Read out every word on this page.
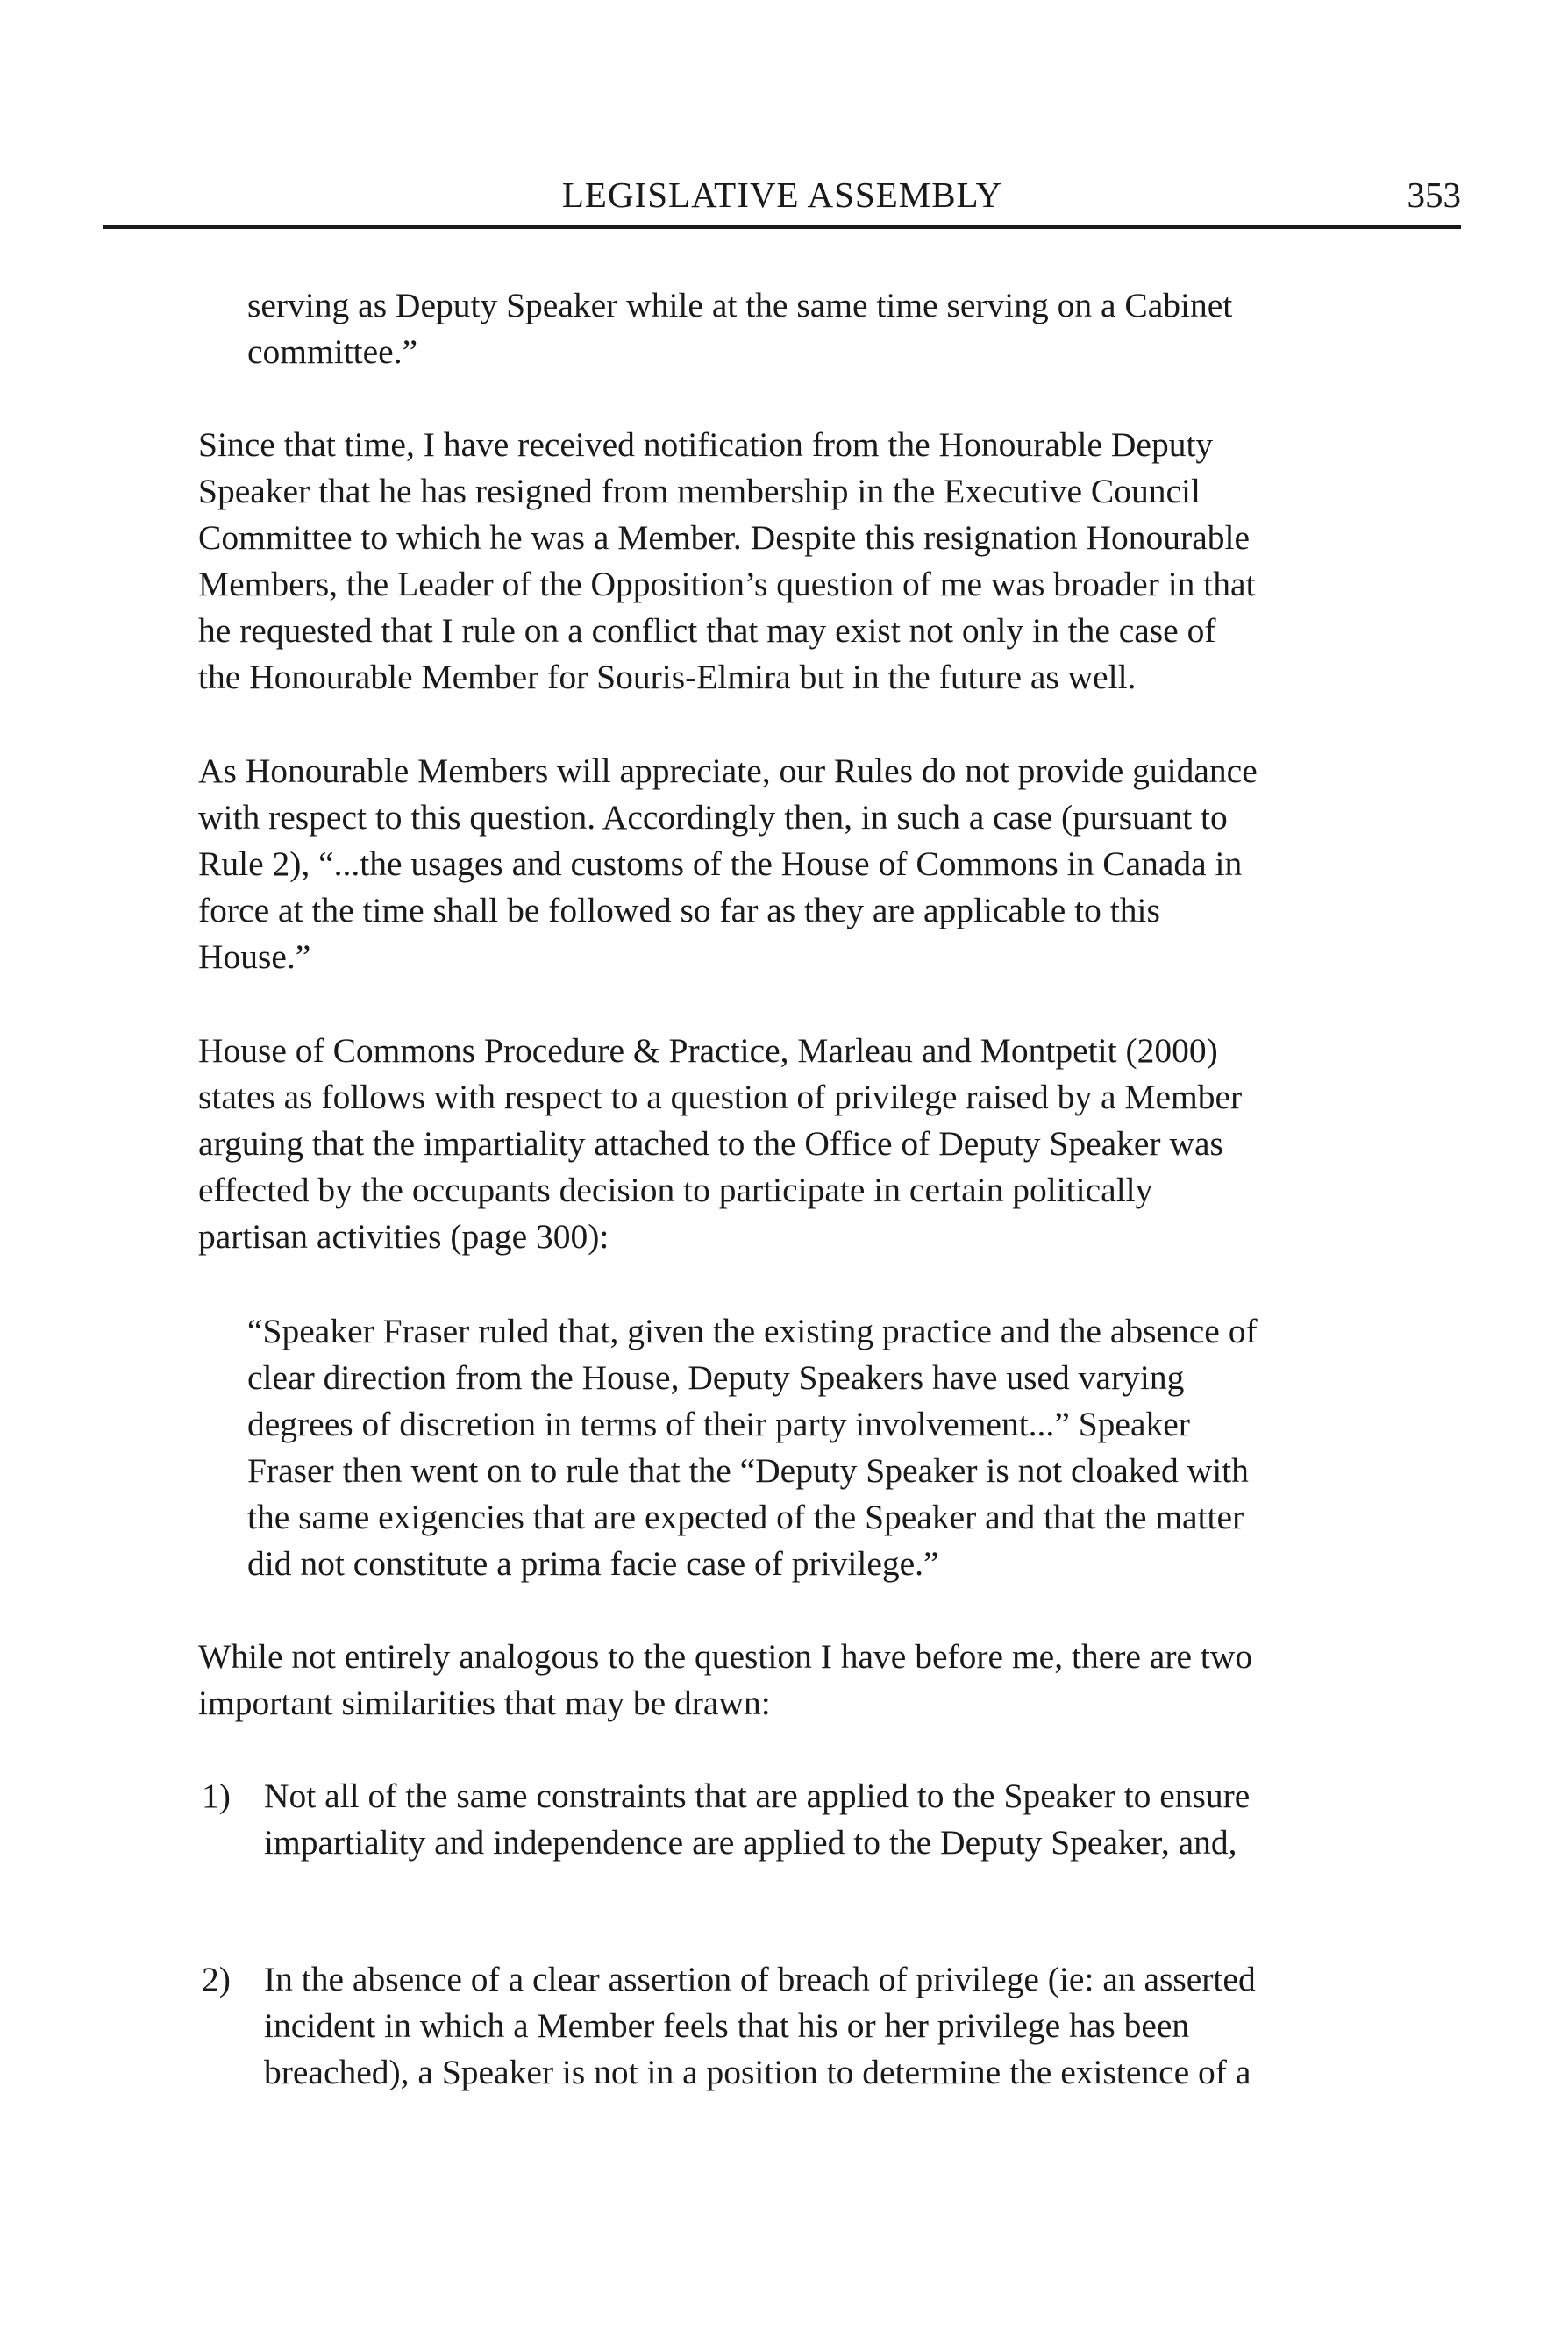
LEGISLATIVE ASSEMBLY	353
serving as Deputy Speaker while at the same time serving on a Cabinet
committee.”
Since that time, I have received notification from the Honourable Deputy
Speaker that he has resigned from membership in the Executive Council
Committee to which he was a Member. Despite this resignation Honourable
Members, the Leader of the Opposition’s question of me was broader in that
he requested that I rule on a conflict that may exist not only in the case of
the Honourable Member for Souris-Elmira but in the future as well.
As Honourable Members will appreciate, our Rules do not provide guidance
with respect to this question. Accordingly then, in such a case (pursuant to
Rule 2), “...the usages and customs of the House of Commons in Canada in
force at the time shall be followed so far as they are applicable to this
House.”
House of Commons Procedure & Practice, Marleau and Montpetit (2000)
states as follows with respect to a question of privilege raised by a Member
arguing that the impartiality attached to the Office of Deputy Speaker was
effected by the occupants decision to participate in certain politically
partisan activities (page 300):
“Speaker Fraser ruled that, given the existing practice and the absence of
clear direction from the House, Deputy Speakers have used varying
degrees of discretion in terms of their party involvement...” Speaker
Fraser then went on to rule that the “Deputy Speaker is not cloaked with
the same exigencies that are expected of the Speaker and that the matter
did not constitute a prima facie case of privilege.”
While not entirely analogous to the question I have before me, there are two
important similarities that may be drawn:
1) Not all of the same constraints that are applied to the Speaker to ensure
impartiality and independence are applied to the Deputy Speaker, and,
2) In the absence of a clear assertion of breach of privilege (ie: an asserted
incident in which a Member feels that his or her privilege has been
breached), a Speaker is not in a position to determine the existence of a
